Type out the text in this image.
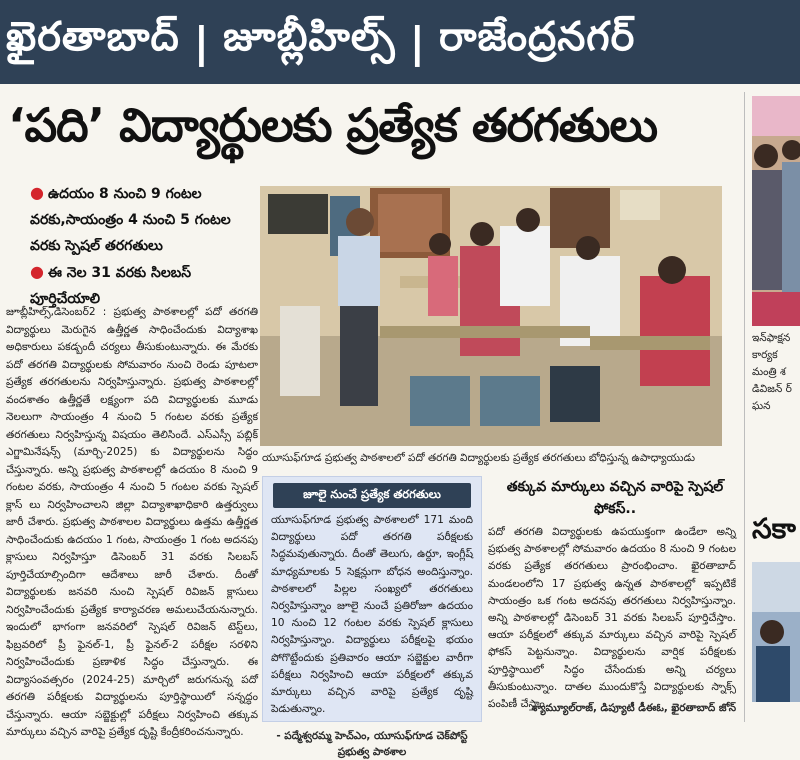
ఖైరతాబాద్ | జూబ్లీహిల్స్ | రాజేంద్రనగర్
‘పది’ విద్యార్థులకు ప్రత్యేక తరగతులు
● ఉదయం 8 నుంచి 9 గంటల వరకు,సాయంత్రం 4 నుంచి 5 గంటల వరకు స్పెషల్ తరగతులు
● ఈ నెల 31 వరకు సిలబస్ పూర్తిచేయాలి
జూబ్లీహిల్స్,డిసెంబర్2 : ప్రభుత్వ పాఠశాలల్లో పదో తరగతి విద్యార్థులు మెరుగైన ఉత్తీర్ణత సాధించేందుకు విద్యాశాఖ అధికారులు పకడ్బందీ చర్యలు తీసుకుంటున్నారు. ఈ మేరకు పదో తరగతి విద్యార్థులకు సోమవారం నుంచి రెండు పూటలా ప్రత్యేక తరగతులను నిర్వహిస్తున్నారు. ప్రభుత్వ పాఠశాలల్లో వందశాతం ఉత్తీర్ణతే లక్ష్యంగా పది విద్యార్థులకు మూడు నెలలుగా సాయంత్రం 4 నుంచి 5 గంటల వరకు ప్రత్యేక తరగతులు నిర్వహిస్తున్న విషయం తెలిసిందే. ఎస్ఎస్సీ పబ్లిక్ ఎగ్జామినేషన్స్ (మార్చి-2025) కు విద్యార్థులను సిద్ధం చేస్తున్నారు. అన్ని ప్రభుత్వ పాఠశాలల్లో ఉదయం 8 నుంచి 9 గంటల వరకు, సాయంత్రం 4 నుంచి 5 గంటల వరకు స్పెషల్ క్లాస్ లు నిర్వహించాలని జిల్లా విద్యాశాఖాధికారి ఉత్తర్వులు జారీ చేశారు. ప్రభుత్వ పాఠశాలల విద్యార్థులు ఉత్తమ ఉత్తీర్ణత సాధించేందుకు ఉదయం 1 గంట, సాయంత్రం 1 గంట అదనపు క్లాసులు నిర్వహిస్తూ డిసెంబర్ 31 వరకు సిలబస్ పూర్తిచేయాల్సిందిగా ఆదేశాలు జారీ చేశారు. దీంతో విద్యార్థులకు జనవరి నుంచి స్పెషల్ రివిజన్ క్లాసులు నిర్వహించేందుకు ప్రత్యేక కార్యాచరణ అమలుచేయనున్నారు. ఇందులో భాగంగా జనవరిలో స్పెషల్ రివిజన్ టెస్ట్‌లు, ఫిబ్రవరిలో ప్రీ ఫైనల్-1, ప్రీ ఫైనల్-2 పరీక్షల సరళిని నిర్వహించేందుకు ప్రణాళిక సిద్ధం చేస్తున్నారు. ఈ విద్యాసంవత్సరం (2024-25) మార్చిలో జరుగనున్న పదో తరగతి పరీక్షలకు విద్యార్థులను పూర్తిస్థాయిలో సన్నద్ధం చేస్తున్నారు. ఆయా సబ్జెక్టుల్లో పరీక్షలు నిర్వహించి తక్కువ మార్కులు వచ్చిన వారిపై ప్రత్యేక దృష్టి కేంద్రీకరించనున్నారు.
యూసుఫ్‌గూడ ప్రభుత్వ పాఠశాలలో పదో తరగతి విద్యార్థులకు ప్రత్యేక తరగతులు బోధిస్తున్న ఉపాధ్యాయుడు
జూలై నుంచే ప్రత్యేక తరగతులు
యూసుఫ్‌గూడ ప్రభుత్వ పాఠశాలలో 171 మంది విద్యార్థులు పదో తరగతి పరీక్షలకు సిద్ధమవుతున్నారు. దీంతో తెలుగు, ఉర్దూ, ఇంగ్లీష్ మాధ్యమాలకు 5 సెక్షన్లుగా బోధన అందిస్తున్నాం. పాఠశాలలో పిల్లల సంఖ్యలో తరగతులు నిర్వహిస్తున్నాం జూలై నుంచే ప్రతిరోజూ ఉదయం 10 నుంచి 12 గంటల వరకు స్పెషల్ క్లాసులు నిర్వహిస్తున్నాం. విద్యార్థులు పరీక్షలపై భయం పోగొట్టేందుకు ప్రతివారం ఆయా సబ్జెక్టుల వారీగా పరీక్షలు నిర్వహించి ఆయా పరీక్షలలో తక్కువ మార్కులు వచ్చిన వారిపై ప్రత్యేక దృష్టి పెడుతున్నాం.
- పద్మేశ్వరమ్మ హెచ్ఎం, యూసుఫ్‌గూడ చెక్‌పోస్ట్ ప్రభుత్వ పాఠశాల
తక్కువ మార్కులు వచ్చిన వారిపై స్పెషల్ ఫోకస్..
పదో తరగతి విద్యార్థులకు ఉపయుక్తంగా ఉండేలా అన్ని ప్రభుత్వ పాఠశాలల్లో సోమవారం ఉదయం 8 నుంచి 9 గంటల వరకు ప్రత్యేక తరగతులు ప్రారంభించాం. ఖైరతాబాద్ మండలంలోని 17 ప్రభుత్వ ఉన్నత పాఠశాలల్లో ఇప్పటికే సాయంత్రం ఒక గంట అదనపు తరగతులు నిర్వహిస్తున్నాం. అన్ని పాఠశాలల్లో డిసెంబర్ 31 వరకు సిలబస్ పూర్తిచేస్తాం. ఆయా పరీక్షలలో తక్కువ మార్కులు వచ్చిన వారిపై స్పెషల్ ఫోకస్ పెట్టనున్నాం. విద్యార్థులను వార్షిక పరీక్షలకు పూర్తిస్థాయిలో సిద్ధం చేసేందుకు అన్ని చర్యలు తీసుకుంటున్నాం. దాతల ముందుకొస్తే విద్యార్థులకు స్నాక్స్ పంపిణీ చేస్తాం.
శ్యామ్యూల్‌రాజ్, డిప్యూటీ డీఈఓ, ఖైరతాబాద్ జోన్
ఇన్‌ఫాక్షన
కార్యక
మంత్రి శ
డివిజన్ ర్
ఘన
సకా
